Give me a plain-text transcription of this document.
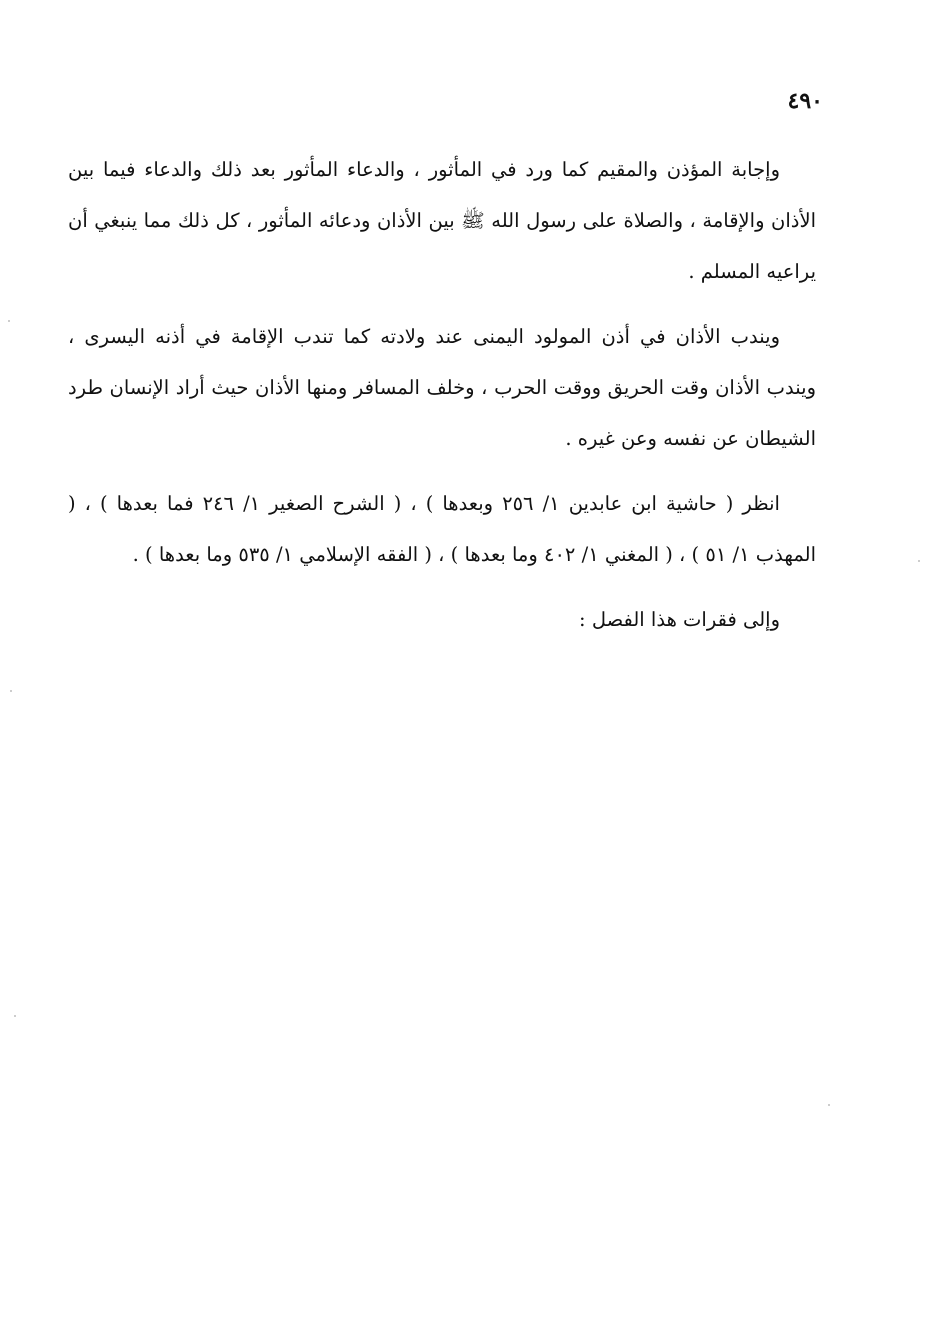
٤٩٠

وإجابة المؤذن والمقيم كما ورد في المأثور ، والدعاء المأثور بعد ذلك والدعاء فيما بين الأذان والإقامة ، والصلاة على رسول الله ﷺ بين الأذان ودعائه المأثور ، كل ذلك مما ينبغي أن يراعيه المسلم .

ويندب الأذان في أذن المولود اليمنى عند ولادته كما تندب الإقامة في أذنه اليسرى ، ويندب الأذان وقت الحريق ووقت الحرب ، وخلف المسافر ومنها الأذان حيث أراد الإنسان طرد الشيطان عن نفسه وعن غيره .

انظر ( حاشية ابن عابدين ١/ ٢٥٦ وبعدها ) ، ( الشرح الصغير ١/ ٢٤٦ فما بعدها ) ، ( المهذب ١/ ٥١ ) ، ( المغني ١/ ٤٠٢ وما بعدها ) ، ( الفقه الإسلامي ١/ ٥٣٥ وما بعدها ) .

وإلى فقرات هذا الفصل :
